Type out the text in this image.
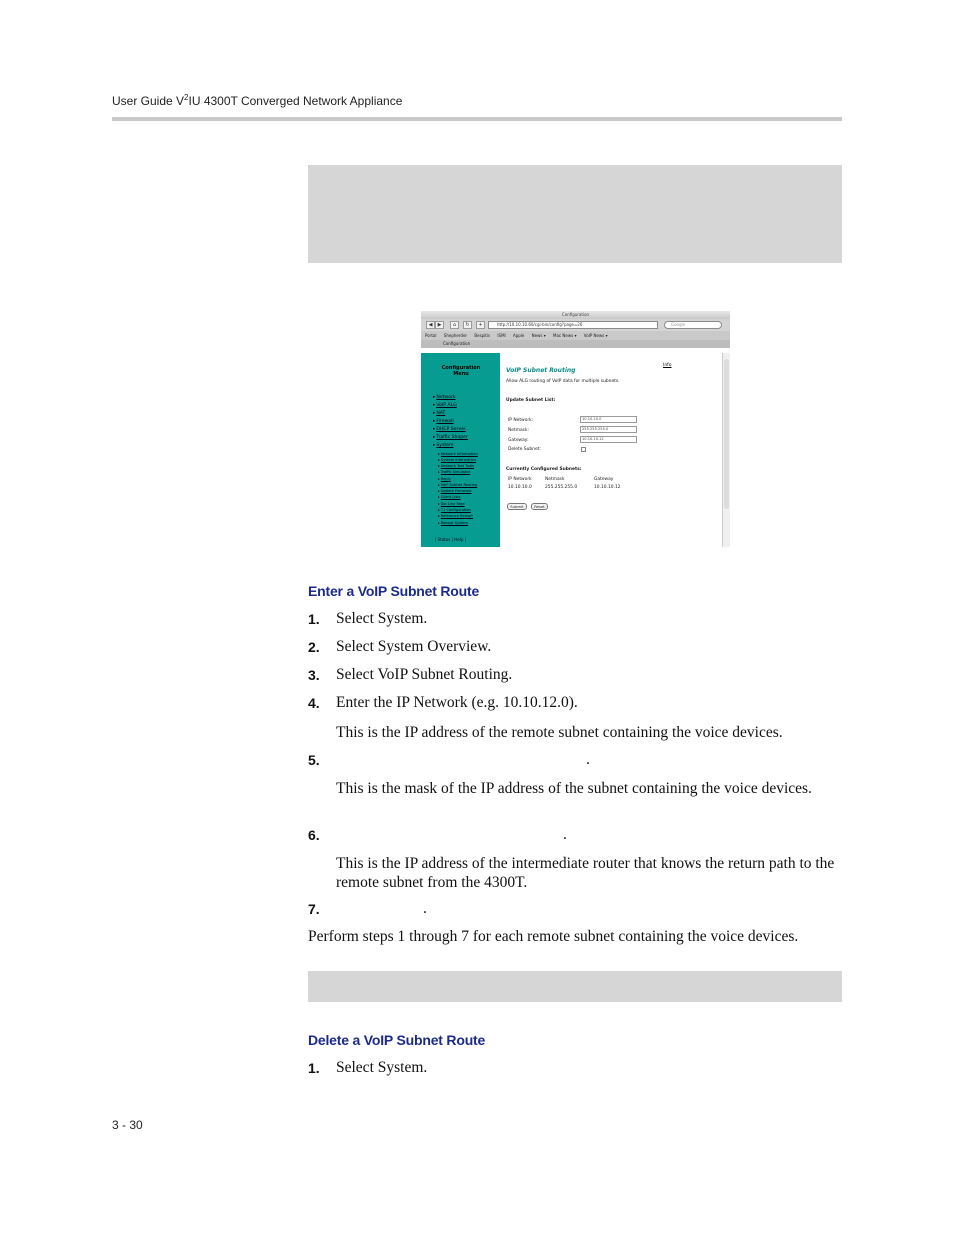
User Guide $V^2IU$ 4300T Converged Network Appliance
Configuration
◀	▶	⌂	↻	+	http://10.10.10.60/cgi-bin/config?page=26	Google
Portal Shepherder Bespitis ISMI Apple News ▾ Mac News ▾ VoIP News ▾
Configuration
Configuration
Menu
▸ Network
▸ VoIP ALG
▸ NAT
▸ Firewall
▸ DHCP Server
▸ Traffic Shaper
▸ System
▸ Network Information
▸ System Information
▸ Network Test Tools
▸ Traffic Simulator
▸ Reply
▸ VoIP Subnet Routing
▸ Update Firmware
▸ Client Lists
▸ Set Line Rate
▸ T1 Configuration
▸ Reference Restart
▸ Reboot System
| Status | Help |
VoIP Subnet Routing
Info
Allow ALG routing of VoIP data for multiple subnets.
Update Subnet List:
IP Network:	10.10.10.0
Netmask:	255.255.255.0
Gateway:	10.10.10.12
Delete Subnet:
Currently Configured Subnets:
IP Network	Netmask	Gateway
10.10.10.0	255.255.255.0	10.10.10.12
Submit	Reset
Enter a VoIP Subnet Route
1. Select System.
2. Select System Overview.
3. Select VoIP Subnet Routing.
4. Enter the IP Network (e.g. 10.10.12.0).
This is the IP address of the remote subnet containing the voice devices.
5.	.
This is the mask of the IP address of the subnet containing the voice devices.
6.	.
This is the IP address of the intermediate router that knows the return path to the remote subnet from the 4300T.
7.	.
Perform steps 1 through 7 for each remote subnet containing the voice devices.
Delete a VoIP Subnet Route
1. Select System.
3 - 30
